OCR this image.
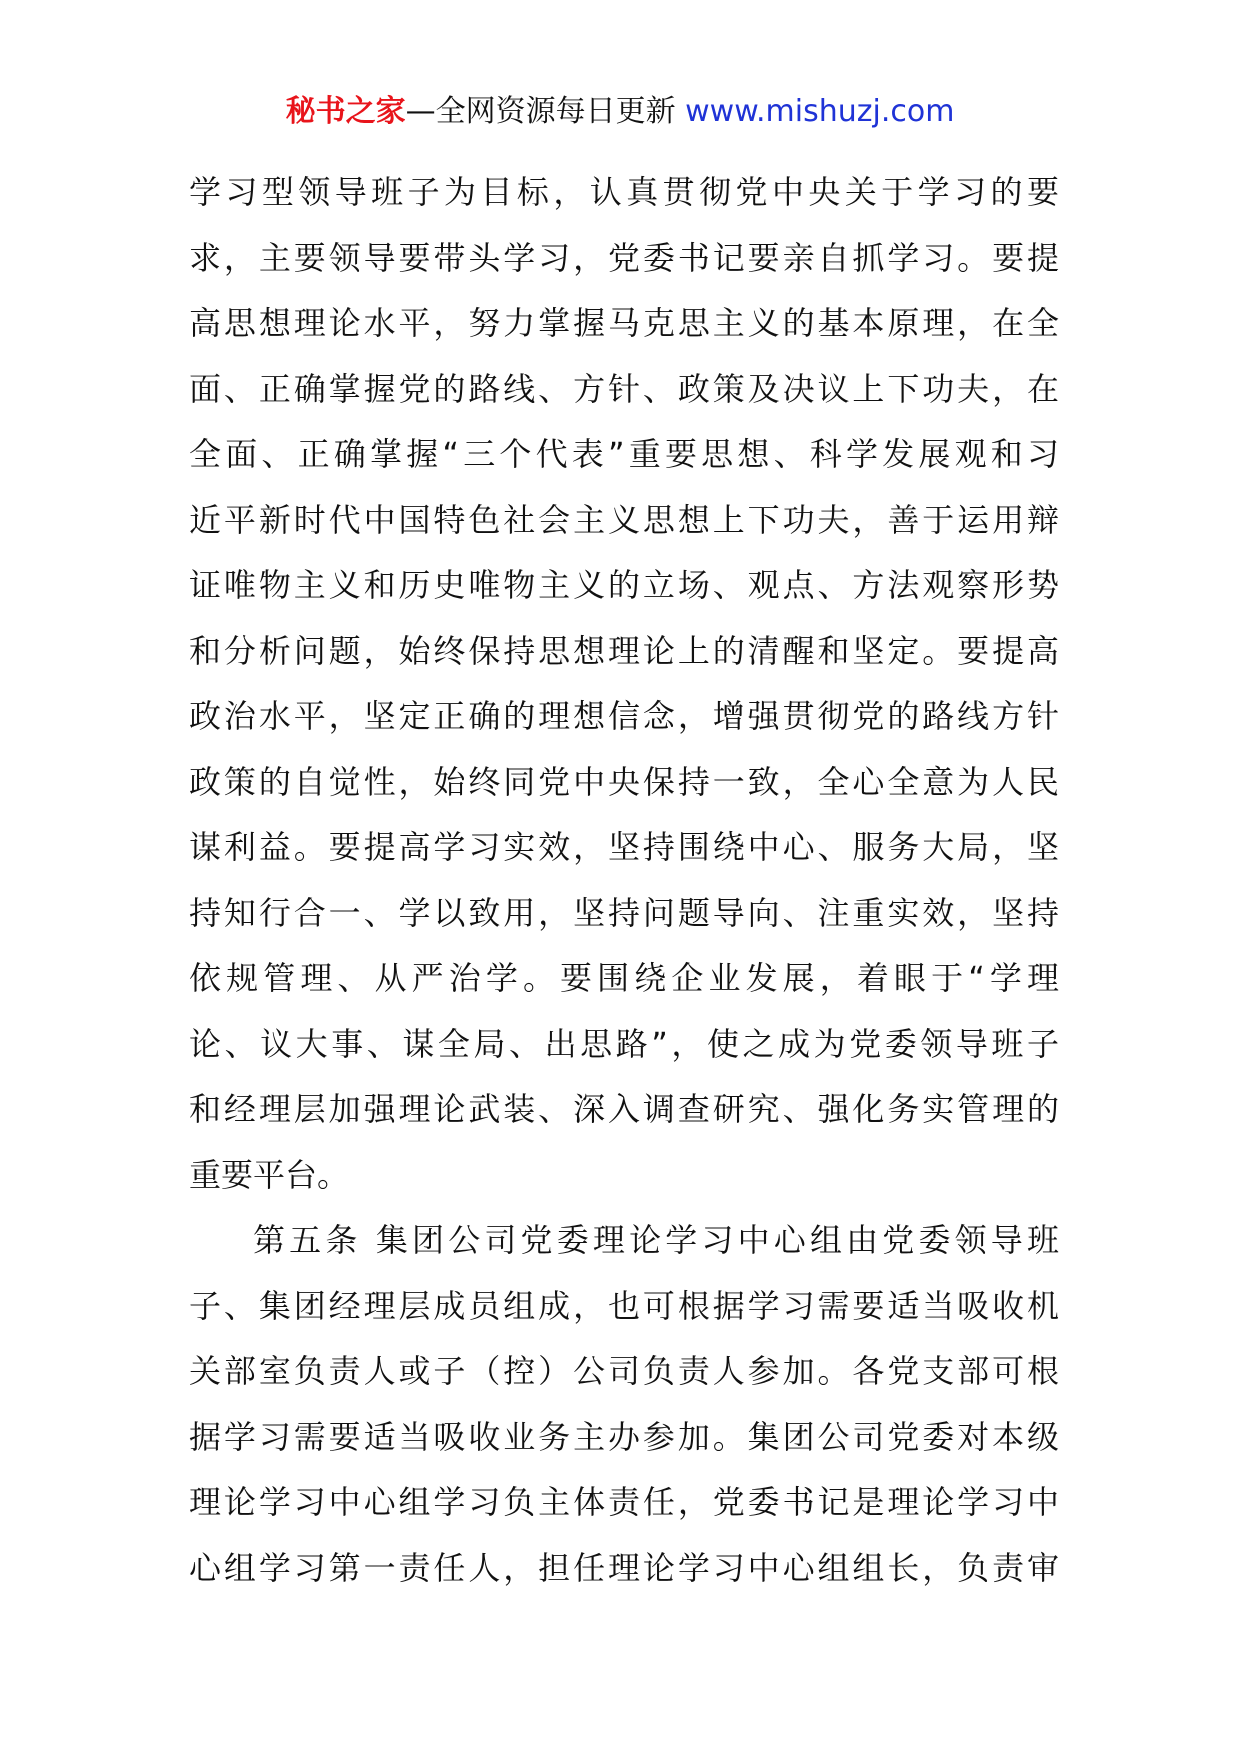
秘书之家—全网资源每日更新 www.mishuzj.com
学习型领导班子为目标，认真贯彻党中央关于学习的要
求，主要领导要带头学习，党委书记要亲自抓学习。要提
高思想理论水平，努力掌握马克思主义的基本原理，在全
面、正确掌握党的路线、方针、政策及决议上下功夫，在
全面、正确掌握“三个代表”重要思想、科学发展观和习
近平新时代中国特色社会主义思想上下功夫，善于运用辩
证唯物主义和历史唯物主义的立场、观点、方法观察形势
和分析问题，始终保持思想理论上的清醒和坚定。要提高
政治水平，坚定正确的理想信念，增强贯彻党的路线方针
政策的自觉性，始终同党中央保持一致，全心全意为人民
谋利益。要提高学习实效，坚持围绕中心、服务大局，坚
持知行合一、学以致用，坚持问题导向、注重实效，坚持
依规管理、从严治学。要围绕企业发展，着眼于“学理
论、议大事、谋全局、出思路”，使之成为党委领导班子
和经理层加强理论武装、深入调查研究、强化务实管理的
重要平台。
第五条 集团公司党委理论学习中心组由党委领导班
子、集团经理层成员组成，也可根据学习需要适当吸收机
关部室负责人或子（控）公司负责人参加。各党支部可根
据学习需要适当吸收业务主办参加。集团公司党委对本级
理论学习中心组学习负主体责任，党委书记是理论学习中
心组学习第一责任人，担任理论学习中心组组长，负责审
